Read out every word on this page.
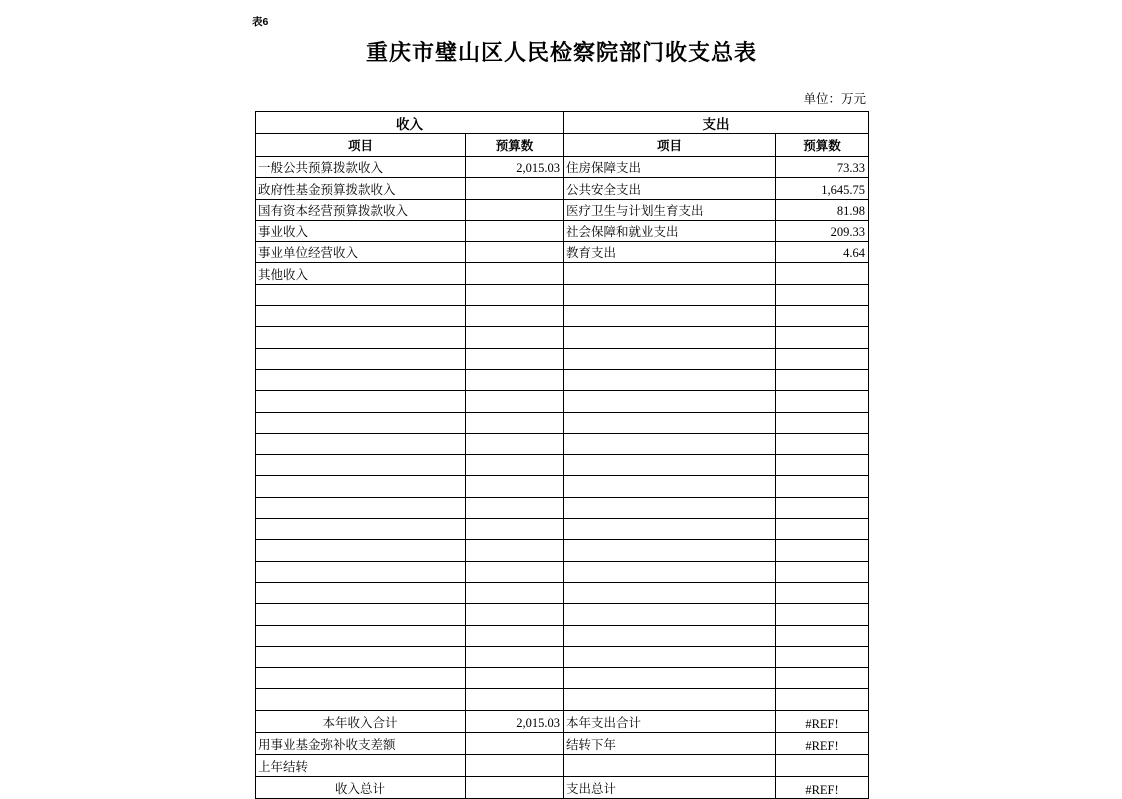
表6
重庆市璧山区人民检察院部门收支总表
单位：万元
收入		支出	
项目	预算数	项目	预算数
一般公共预算拨款收入	2,015.03	住房保障支出	73.33
政府性基金预算拨款收入		公共安全支出	1,645.75
国有资本经营预算拨款收入		医疗卫生与计划生育支出	81.98
事业收入		社会保障和就业支出	209.33
事业单位经营收入		教育支出	4.64
其他收入			

本年收入合计	2,015.03	本年支出合计	#REF!
用事业基金弥补收支差额		结转下年	#REF!
上年结转			
收入总计		支出总计	#REF!
